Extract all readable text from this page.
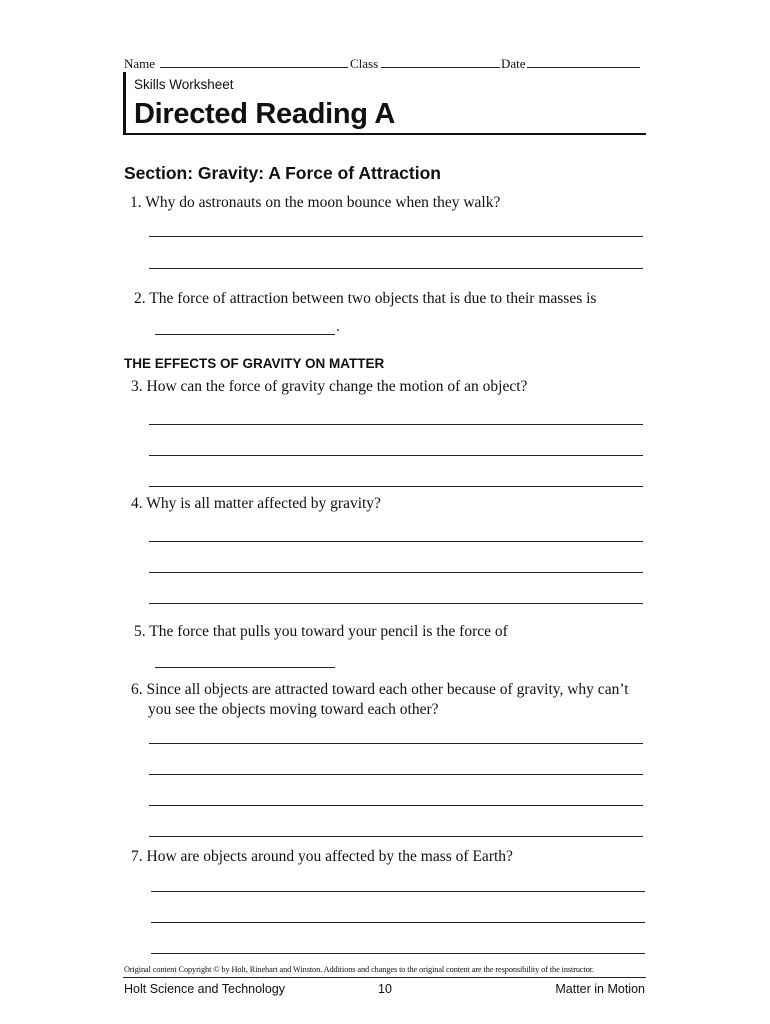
Name	Class	Date
Skills Worksheet
Directed Reading A
Section: Gravity: A Force of Attraction
1. Why do astronauts on the moon bounce when they walk?
2. The force of attraction between two objects that is due to their masses is
.
THE EFFECTS OF GRAVITY ON MATTER
3. How can the force of gravity change the motion of an object?
4. Why is all matter affected by gravity?
5. The force that pulls you toward your pencil is the force of
6. Since all objects are attracted toward each other because of gravity, why can’t
you see the objects moving toward each other?
7. How are objects around you affected by the mass of Earth?
Original content Copyright © by Holt, Rinehart and Winston. Additions and changes to the original content are the responsibility of the instructor.
Holt Science and Technology	10	Matter in Motion
